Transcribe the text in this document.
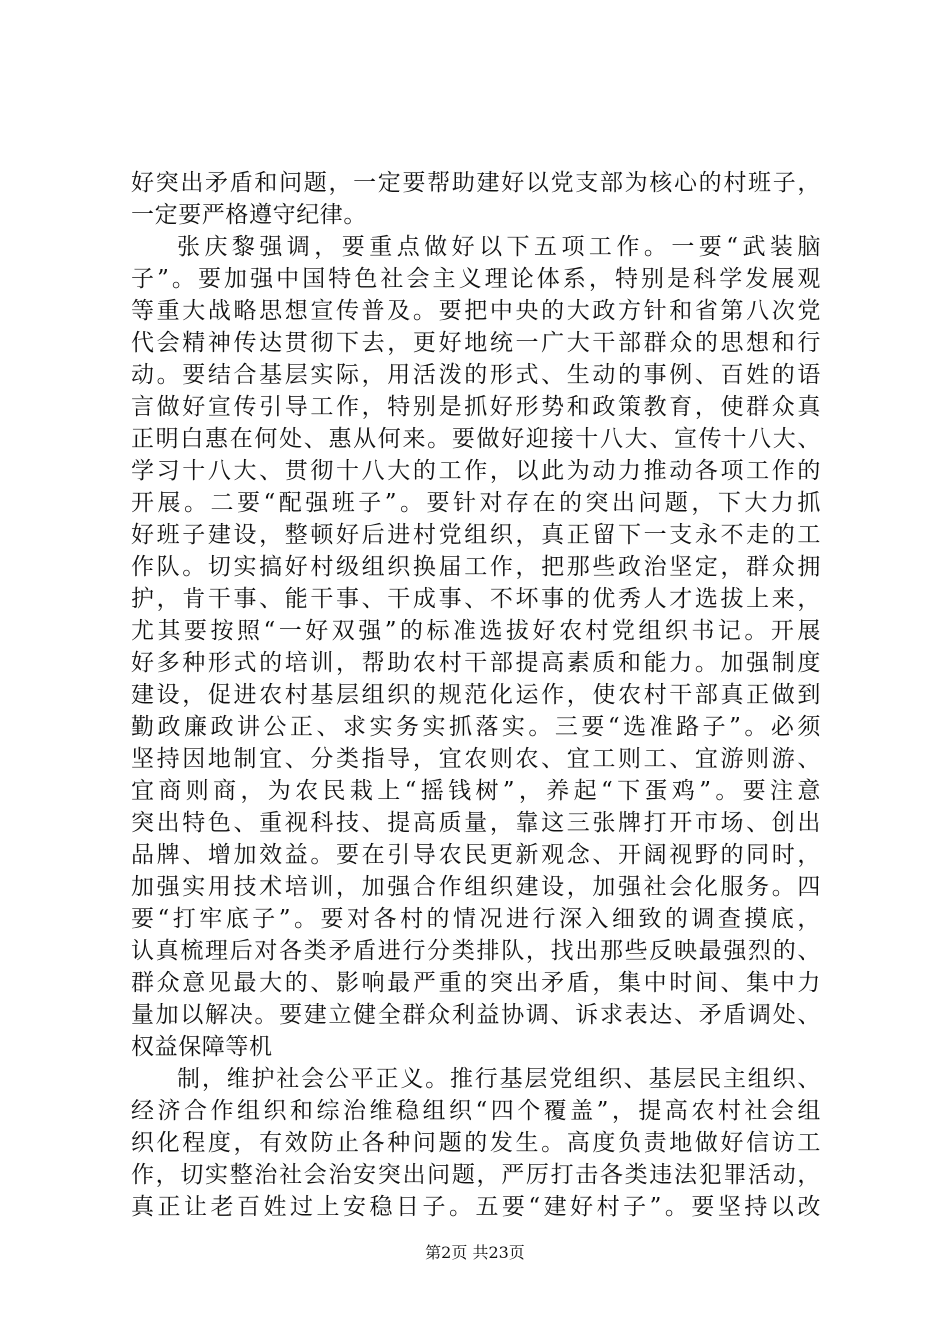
好突出矛盾和问题，一定要帮助建好以党支部为核心的村班子，
一定要严格遵守纪律。
张庆黎强调，要重点做好以下五项工作。一要“武装脑
子”。要加强中国特色社会主义理论体系，特别是科学发展观
等重大战略思想宣传普及。要把中央的大政方针和省第八次党
代会精神传达贯彻下去，更好地统一广大干部群众的思想和行
动。要结合基层实际，用活泼的形式、生动的事例、百姓的语
言做好宣传引导工作，特别是抓好形势和政策教育，使群众真
正明白惠在何处、惠从何来。要做好迎接十八大、宣传十八大、
学习十八大、贯彻十八大的工作，以此为动力推动各项工作的
开展。二要“配强班子”。要针对存在的突出问题，下大力抓
好班子建设，整顿好后进村党组织，真正留下一支永不走的工
作队。切实搞好村级组织换届工作，把那些政治坚定，群众拥
护，肯干事、能干事、干成事、不坏事的优秀人才选拔上来，
尤其要按照“一好双强”的标准选拔好农村党组织书记。开展
好多种形式的培训，帮助农村干部提高素质和能力。加强制度
建设，促进农村基层组织的规范化运作，使农村干部真正做到
勤政廉政讲公正、求实务实抓落实。三要“选准路子”。必须
坚持因地制宜、分类指导，宜农则农、宜工则工、宜游则游、
宜商则商，为农民栽上“摇钱树”，养起“下蛋鸡”。要注意
突出特色、重视科技、提高质量，靠这三张牌打开市场、创出
品牌、增加效益。要在引导农民更新观念、开阔视野的同时，
加强实用技术培训，加强合作组织建设，加强社会化服务。四
要“打牢底子”。要对各村的情况进行深入细致的调查摸底，
认真梳理后对各类矛盾进行分类排队，找出那些反映最强烈的、
群众意见最大的、影响最严重的突出矛盾，集中时间、集中力
量加以解决。要建立健全群众利益协调、诉求表达、矛盾调处、
权益保障等机
制，维护社会公平正义。推行基层党组织、基层民主组织、
经济合作组织和综治维稳组织“四个覆盖”，提高农村社会组
织化程度，有效防止各种问题的发生。高度负责地做好信访工
作，切实整治社会治安突出问题，严厉打击各类违法犯罪活动，
真正让老百姓过上安稳日子。五要“建好村子”。要坚持以改
第2页 共23页
